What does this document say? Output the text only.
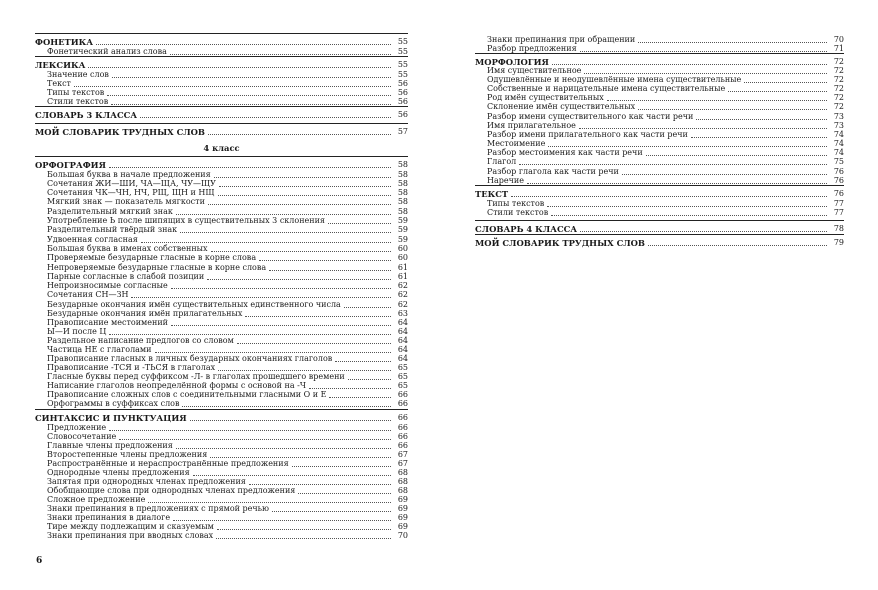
ФОНЕТИКА	55
Фонетический анализ слова	55
ЛЕКСИКА	55
Значение слов	55
Текст	56
Типы текстов	56
Стили текстов	56
СЛОВАРЬ 3 КЛАССА	56
МОЙ СЛОВАРИК ТРУДНЫХ СЛОВ	57
ОРФОГРАФИЯ	58
Большая буква в начале предложения	58
Сочетания ЖИ—ШИ, ЧА—ЩА, ЧУ—ЩУ	58
Сочетания ЧК—ЧН, НЧ, РЩ, ЩН и НЩ	58
Мягкий знак — показатель мягкости	58
Разделительный мягкий знак	58
Употребление Ь после шипящих в существительных 3 склонения	59
Разделительный твёрдый знак	59
Удвоенная согласная	59
Большая буква в именах собственных	60
Проверяемые безударные гласные в корне слова	60
Непроверяемые безударные гласные в корне слова	61
Парные согласные в слабой позиции	61
Непроизносимые согласные	62
Сочетания СН—ЗН	62
Безударные окончания имён существительных единственного числа	62
Безударные окончания имён прилагательных	63
Правописание местоимений	64
Ы—И после Ц	64
Раздельное написание предлогов со словом	64
Частица НЕ с глаголами	64
Правописание гласных в личных безударных окончаниях глаголов	64
Правописание -ТСЯ и -ТЬСЯ в глаголах	65
Гласные буквы перед суффиксом -Л- в глаголах прошедшего времени	65
Написание глаголов неопределённой формы с основой на -Ч	65
Правописание сложных слов с соединительными гласными О и Е	66
Орфограммы в суффиксах слов	66
СИНТАКСИС И ПУНКТУАЦИЯ	66
Предложение	66
Словосочетание	66
Главные члены предложения	66
Второстепенные члены предложения	67
Распространённые и нераспространённые предложения	67
Однородные члены предложения	68
Запятая при однородных членах предложения	68
Обобщающие слова при однородных членах предложения	68
Сложное предложение	69
Знаки препинания в предложениях с прямой речью	69
Знаки препинания в диалоге	69
Тире между подлежащим и сказуемым	69
Знаки препинания при вводных словах	70
Знаки препинания при обращении	70
Разбор предложения	71
МОРФОЛОГИЯ	72
Имя существительное	72
Одушевлённые и неодушевлённые имена существительные	72
Собственные и нарицательные имена существительные	72
Род имён существительных	72
Склонение имён существительных	72
Разбор имени существительного как части речи	73
Имя прилагательное	73
Разбор имени прилагательного как части речи	74
Местоимение	74
Разбор местоимения как части речи	74
Глагол	75
Разбор глагола как части речи	76
Наречие	76
ТЕКСТ	76
Типы текстов	77
Стили текстов	77
СЛОВАРЬ 4 КЛАССА	78
МОЙ СЛОВАРИК ТРУДНЫХ СЛОВ	79
4 класс
6
